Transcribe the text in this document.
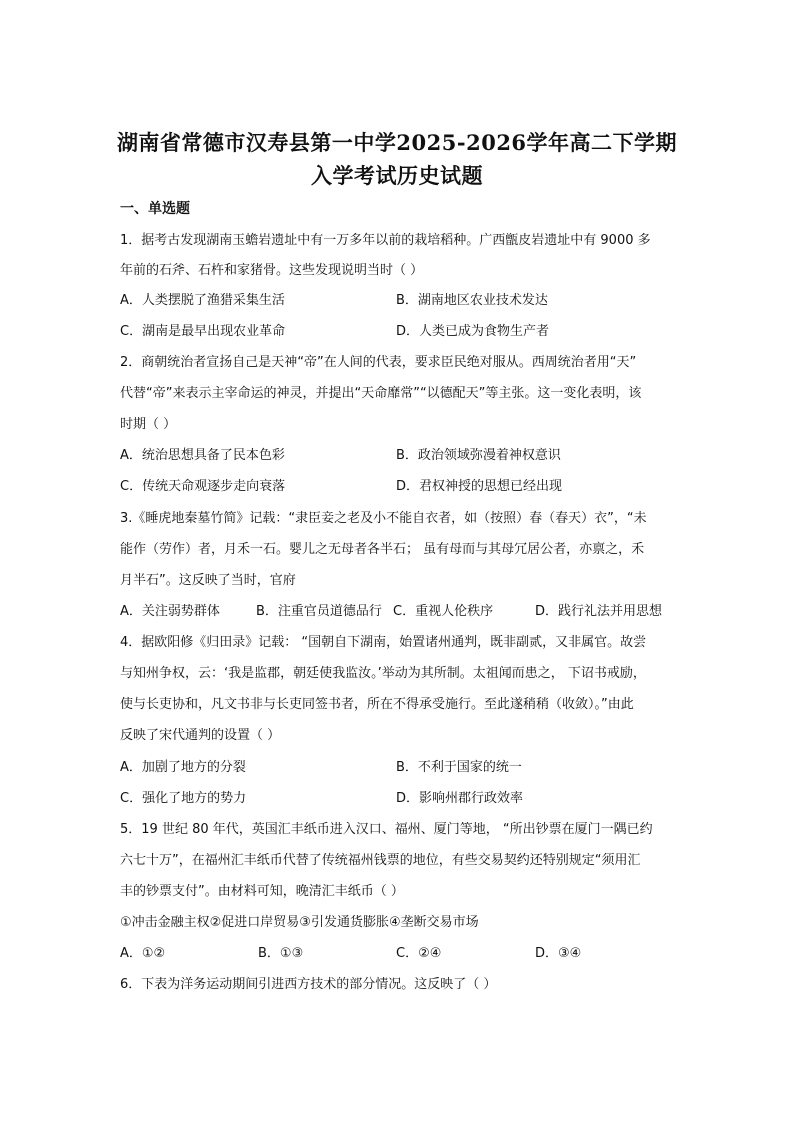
湖南省常德市汉寿县第一中学2025-2026学年高二下学期
入学考试历史试题
一、单选题
1．据考古发现湖南玉蟾岩遗址中有一万多年以前的栽培稻种。广西甑皮岩遗址中有 9000 多
年前的石斧、石杵和家猪骨。这些发现说明当时（ ）
A．人类摆脱了渔猎采集生活	B．湖南地区农业技术发达
C．湖南是最早出现农业革命	D．人类已成为食物生产者
2．商朝统治者宣扬自己是天神“帝”在人间的代表，要求臣民绝对服从。西周统治者用“天”
代替“帝”来表示主宰命运的神灵，并提出“天命靡常”“以德配天”等主张。这一变化表明，该
时期（ ）
A．统治思想具备了民本色彩	B．政治领域弥漫着神权意识
C．传统天命观逐步走向衰落	D．君权神授的思想已经出现
3.《睡虎地秦墓竹简》记载：“隶臣妾之老及小不能自衣者，如（按照）春（春天）衣”，“未
能作（劳作）者，月禾一石。婴儿之无母者各半石； 虽有母而与其母冗居公者，亦禀之，禾
月半石”。这反映了当时，官府
A．关注弱势群体	B．注重官员道德品行 C．重视人伦秩序	D．践行礼法并用思想
4．据欧阳修《归田录》记载： “国朝自下湖南，始置诸州通判，既非副贰，又非属官。故尝
与知州争权，云：‘我是监郡，朝廷使我监汝。’举动为其所制。太祖闻而患之， 下诏书戒励，
使与长吏协和，凡文书非与长吏同签书者，所在不得承受施行。至此遂稍稍（收敛）。”由此
反映了宋代通判的设置（ ）
A．加剧了地方的分裂	B．不利于国家的统一
C．强化了地方的势力	D．影响州郡行政效率
5．19 世纪 80 年代，英国汇丰纸币进入汉口、福州、厦门等地， “所出钞票在厦门一隅已约
六七十万”，在福州汇丰纸币代替了传统福州钱票的地位，有些交易契约还特别规定“须用汇
丰的钞票支付”。由材料可知，晚清汇丰纸币（ ）
①冲击金融主权②促进口岸贸易③引发通货膨胀④垄断交易市场
A．①②	B．①③	C．②④	D．③④
6．下表为洋务运动期间引进西方技术的部分情况。这反映了（ ）
